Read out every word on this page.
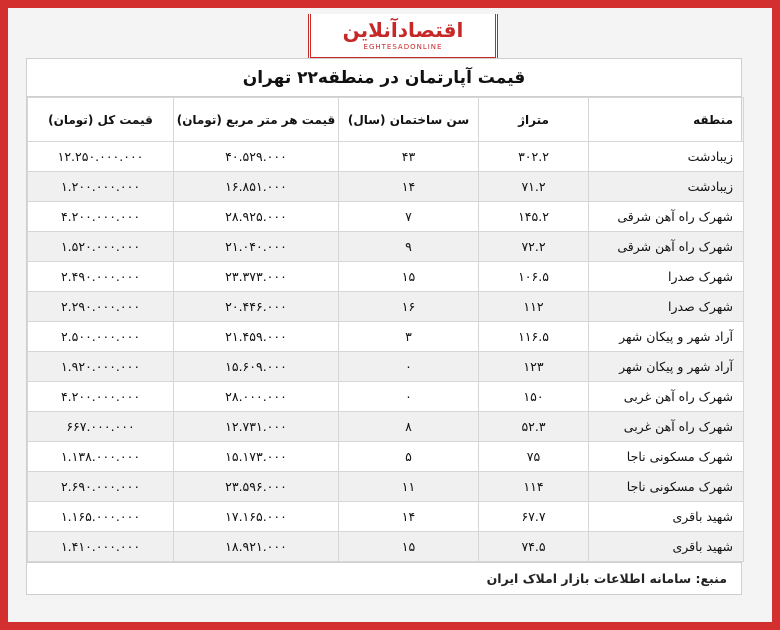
اقتصادآنلاین
EGHTESADONLINE
قیمت آپارتمان در منطقه۲۲ تهران
منطقه	متراژ	سن ساختمان (سال)	قیمت هر متر مربع (تومان)	قیمت کل (تومان)
زیبادشت	۳۰۲.۲	۴۳	۴۰.۵۲۹.۰۰۰	۱۲.۲۵۰.۰۰۰.۰۰۰
زیبادشت	۷۱.۲	۱۴	۱۶.۸۵۱.۰۰۰	۱.۲۰۰.۰۰۰.۰۰۰
شهرک راه آهن شرقی	۱۴۵.۲	۷	۲۸.۹۲۵.۰۰۰	۴.۲۰۰.۰۰۰.۰۰۰
شهرک راه آهن شرقی	۷۲.۲	۹	۲۱.۰۴۰.۰۰۰	۱.۵۲۰.۰۰۰.۰۰۰
شهرک صدرا	۱۰۶.۵	۱۵	۲۳.۳۷۳.۰۰۰	۲.۴۹۰.۰۰۰.۰۰۰
شهرک صدرا	۱۱۲	۱۶	۲۰.۴۴۶.۰۰۰	۲.۲۹۰.۰۰۰.۰۰۰
آراد شهر و پیکان شهر	۱۱۶.۵	۳	۲۱.۴۵۹.۰۰۰	۲.۵۰۰.۰۰۰.۰۰۰
آراد شهر و پیکان شهر	۱۲۳	۰	۱۵.۶۰۹.۰۰۰	۱.۹۲۰.۰۰۰.۰۰۰
شهرک راه آهن غربی	۱۵۰	۰	۲۸.۰۰۰.۰۰۰	۴.۲۰۰.۰۰۰.۰۰۰
شهرک راه آهن غربی	۵۲.۳	۸	۱۲.۷۳۱.۰۰۰	۶۶۷.۰۰۰.۰۰۰
شهرک مسکونی ناجا	۷۵	۵	۱۵.۱۷۳.۰۰۰	۱.۱۳۸.۰۰۰.۰۰۰
شهرک مسکونی ناجا	۱۱۴	۱۱	۲۳.۵۹۶.۰۰۰	۲.۶۹۰.۰۰۰.۰۰۰
شهید باقری	۶۷.۷	۱۴	۱۷.۱۶۵.۰۰۰	۱.۱۶۵.۰۰۰.۰۰۰
شهید باقری	۷۴.۵	۱۵	۱۸.۹۲۱.۰۰۰	۱.۴۱۰.۰۰۰.۰۰۰
منبع: سامانه اطلاعات بازار املاک ایران
